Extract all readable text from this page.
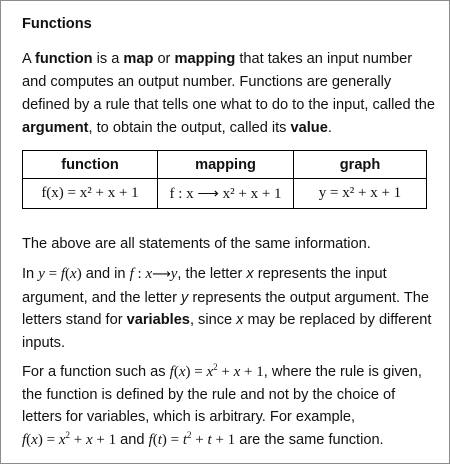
Functions
A function is a map or mapping that takes an input number and computes an output number. Functions are generally defined by a rule that tells one what to do to the input, called the argument, to obtain the output, called its value.
function	mapping	graph
f(x) = x² + x + 1	f : x ⟶ x² + x + 1	y = x² + x + 1
The above are all statements of the same information.
In y = f(x) and in f : x⟶y, the letter x represents the input argument, and the letter y represents the output argument. The letters stand for variables, since x may be replaced by different inputs.
For a function such as $f(x) = x^2 + x + 1$, where the rule is given, the function is defined by the rule and not by the choice of letters for variables, which is arbitrary. For example,
$f(x) = x^2 + x + 1$ and $f(t) = t^2 + t + 1$ are the same function.
